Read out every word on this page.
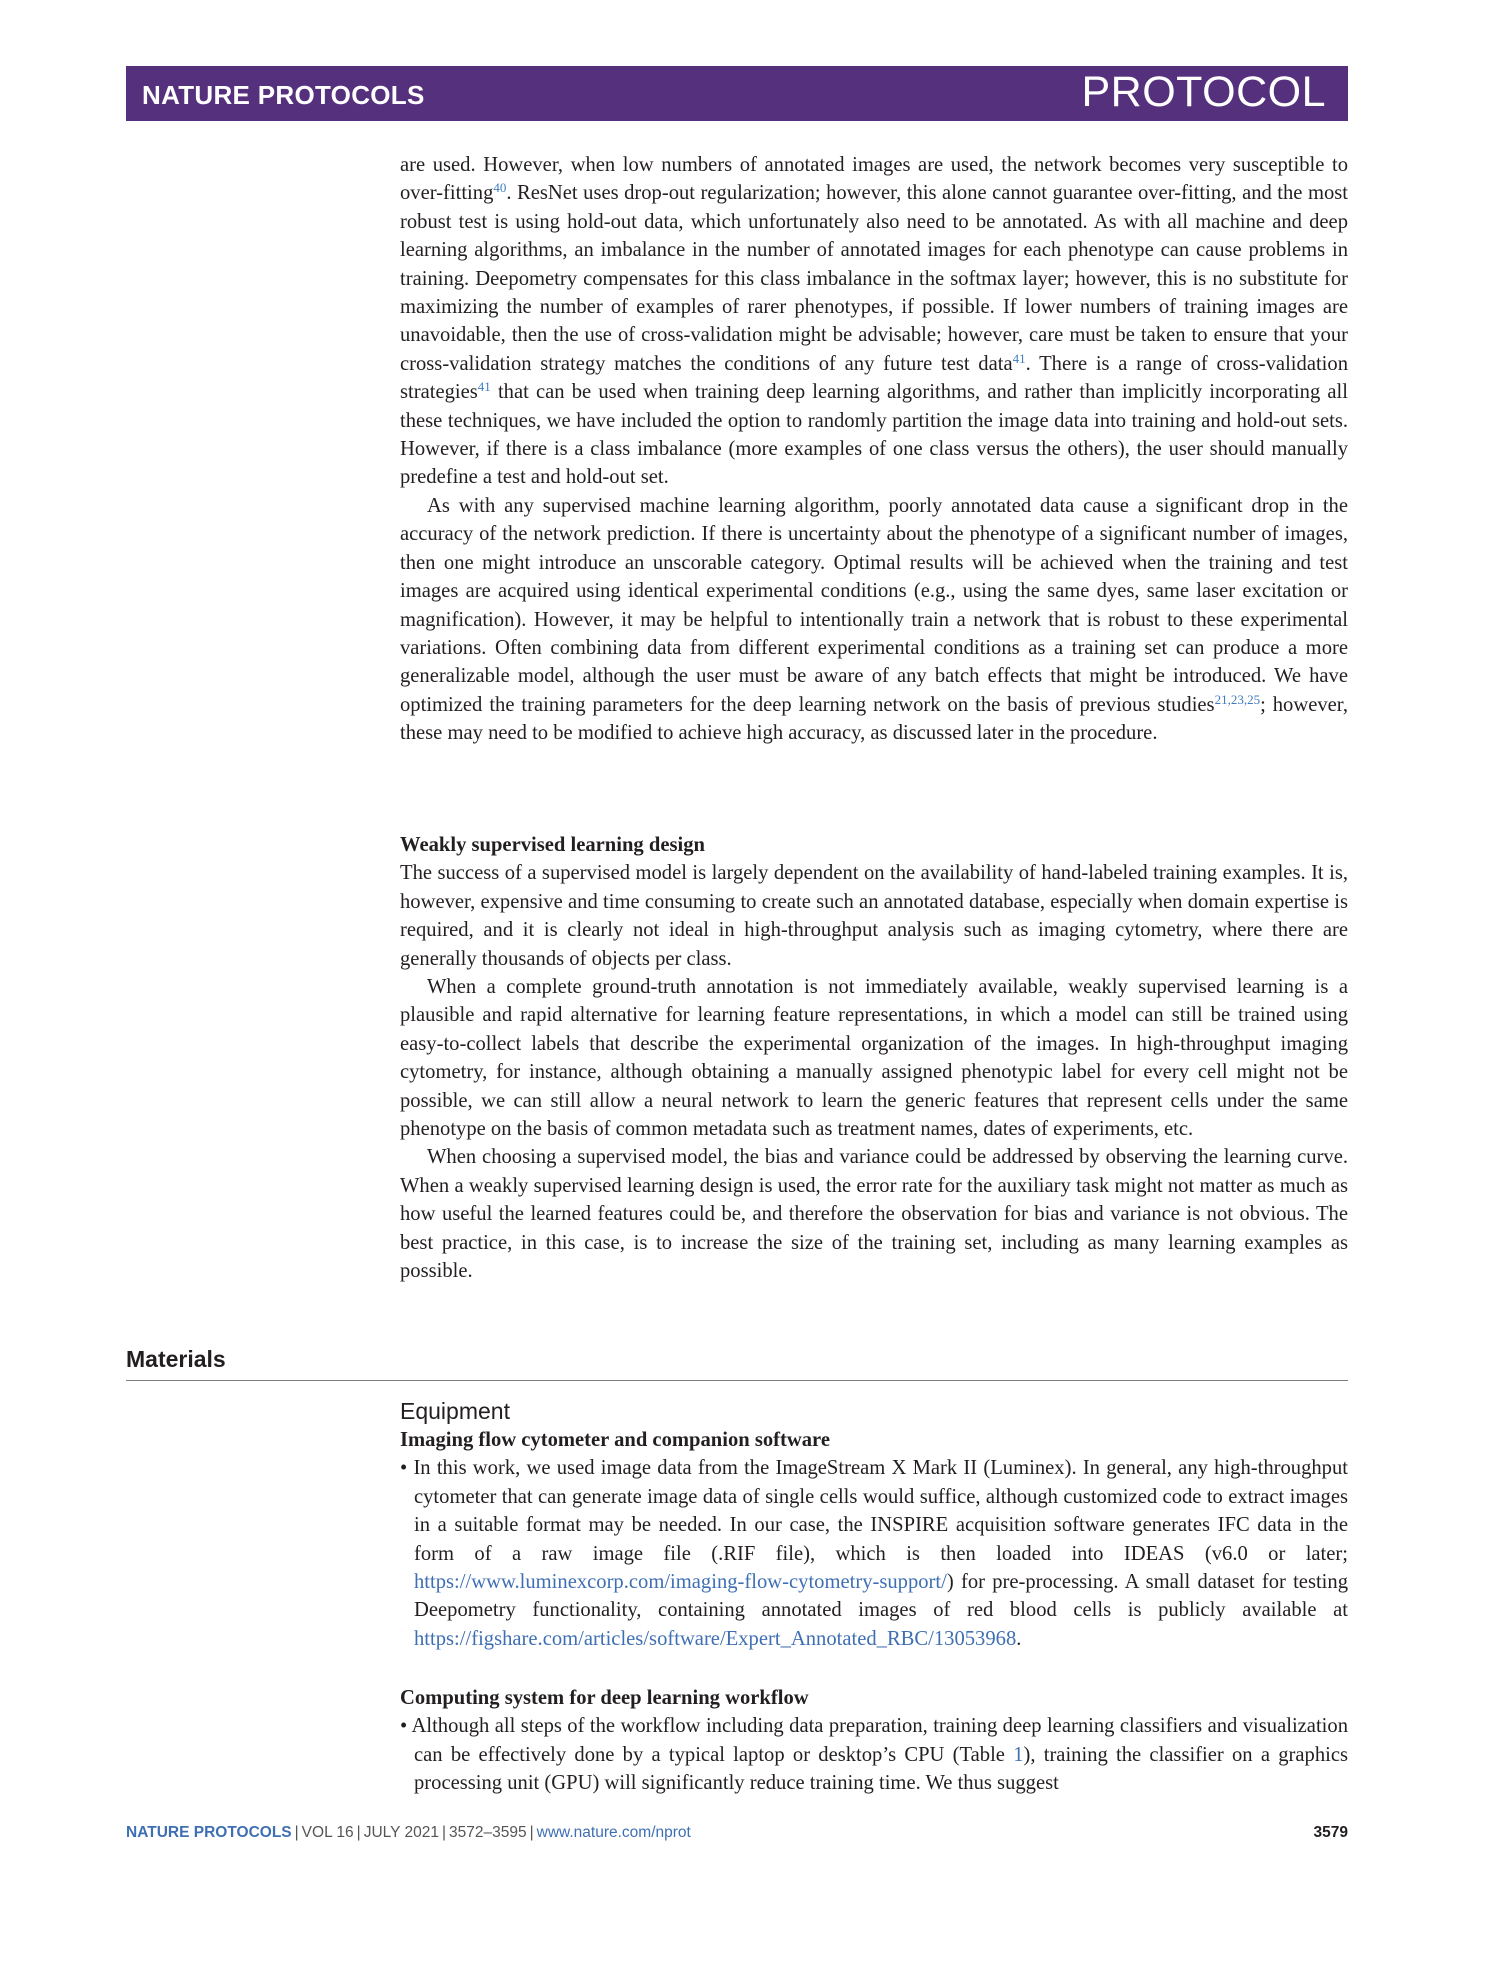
NATURE PROTOCOLS	PROTOCOL

are used. However, when low numbers of annotated images are used, the network becomes very susceptible to over-fitting$^{40}$. ResNet uses drop-out regularization; however, this alone cannot guarantee over-fitting, and the most robust test is using hold-out data, which unfortunately also need to be annotated. As with all machine and deep learning algorithms, an imbalance in the number of annotated images for each phenotype can cause problems in training. Deepometry compensates for this class imbalance in the softmax layer; however, this is no substitute for maximizing the number of examples of rarer phenotypes, if possible. If lower numbers of training images are unavoidable, then the use of cross-validation might be advisable; however, care must be taken to ensure that your cross-validation strategy matches the conditions of any future test data$^{41}$. There is a range of cross-validation strategies$^{41}$ that can be used when training deep learning algorithms, and rather than implicitly incorporating all these techniques, we have included the option to randomly partition the image data into training and hold-out sets. However, if there is a class imbalance (more examples of one class versus the others), the user should manually predefine a test and hold-out set.

As with any supervised machine learning algorithm, poorly annotated data cause a significant drop in the accuracy of the network prediction. If there is uncertainty about the phenotype of a significant number of images, then one might introduce an unscorable category. Optimal results will be achieved when the training and test images are acquired using identical experimental conditions (e.g., using the same dyes, same laser excitation or magnification). However, it may be helpful to intentionally train a network that is robust to these experimental variations. Often combining data from different experimental conditions as a training set can produce a more generalizable model, although the user must be aware of any batch effects that might be introduced. We have optimized the training parameters for the deep learning network on the basis of previous studies$^{21,23,25}$; however, these may need to be modified to achieve high accuracy, as discussed later in the procedure.

Weakly supervised learning design

The success of a supervised model is largely dependent on the availability of hand-labeled training examples. It is, however, expensive and time consuming to create such an annotated database, especially when domain expertise is required, and it is clearly not ideal in high-throughput analysis such as imaging cytometry, where there are generally thousands of objects per class.

When a complete ground-truth annotation is not immediately available, weakly supervised learning is a plausible and rapid alternative for learning feature representations, in which a model can still be trained using easy-to-collect labels that describe the experimental organization of the images. In high-throughput imaging cytometry, for instance, although obtaining a manually assigned phenotypic label for every cell might not be possible, we can still allow a neural network to learn the generic features that represent cells under the same phenotype on the basis of common metadata such as treatment names, dates of experiments, etc.

When choosing a supervised model, the bias and variance could be addressed by observing the learning curve. When a weakly supervised learning design is used, the error rate for the auxiliary task might not matter as much as how useful the learned features could be, and therefore the observation for bias and variance is not obvious. The best practice, in this case, is to increase the size of the training set, including as many learning examples as possible.

Materials

Equipment

Imaging flow cytometer and companion software

• In this work, we used image data from the ImageStream X Mark II (Luminex). In general, any high-throughput cytometer that can generate image data of single cells would suffice, although customized code to extract images in a suitable format may be needed. In our case, the INSPIRE acquisition software generates IFC data in the form of a raw image file (.RIF file), which is then loaded into IDEAS (v6.0 or later; https://www.luminexcorp.com/imaging-flow-cytometry-support/) for pre-processing. A small dataset for testing Deepometry functionality, containing annotated images of red blood cells is publicly available at https://figshare.com/articles/software/Expert_Annotated_RBC/13053968.

Computing system for deep learning workflow

• Although all steps of the workflow including data preparation, training deep learning classifiers and visualization can be effectively done by a typical laptop or desktop’s CPU (Table 1), training the classifier on a graphics processing unit (GPU) will significantly reduce training time. We thus suggest

NATURE PROTOCOLS | VOL 16 | JULY 2021 | 3572–3595 | www.nature.com/nprot	3579
